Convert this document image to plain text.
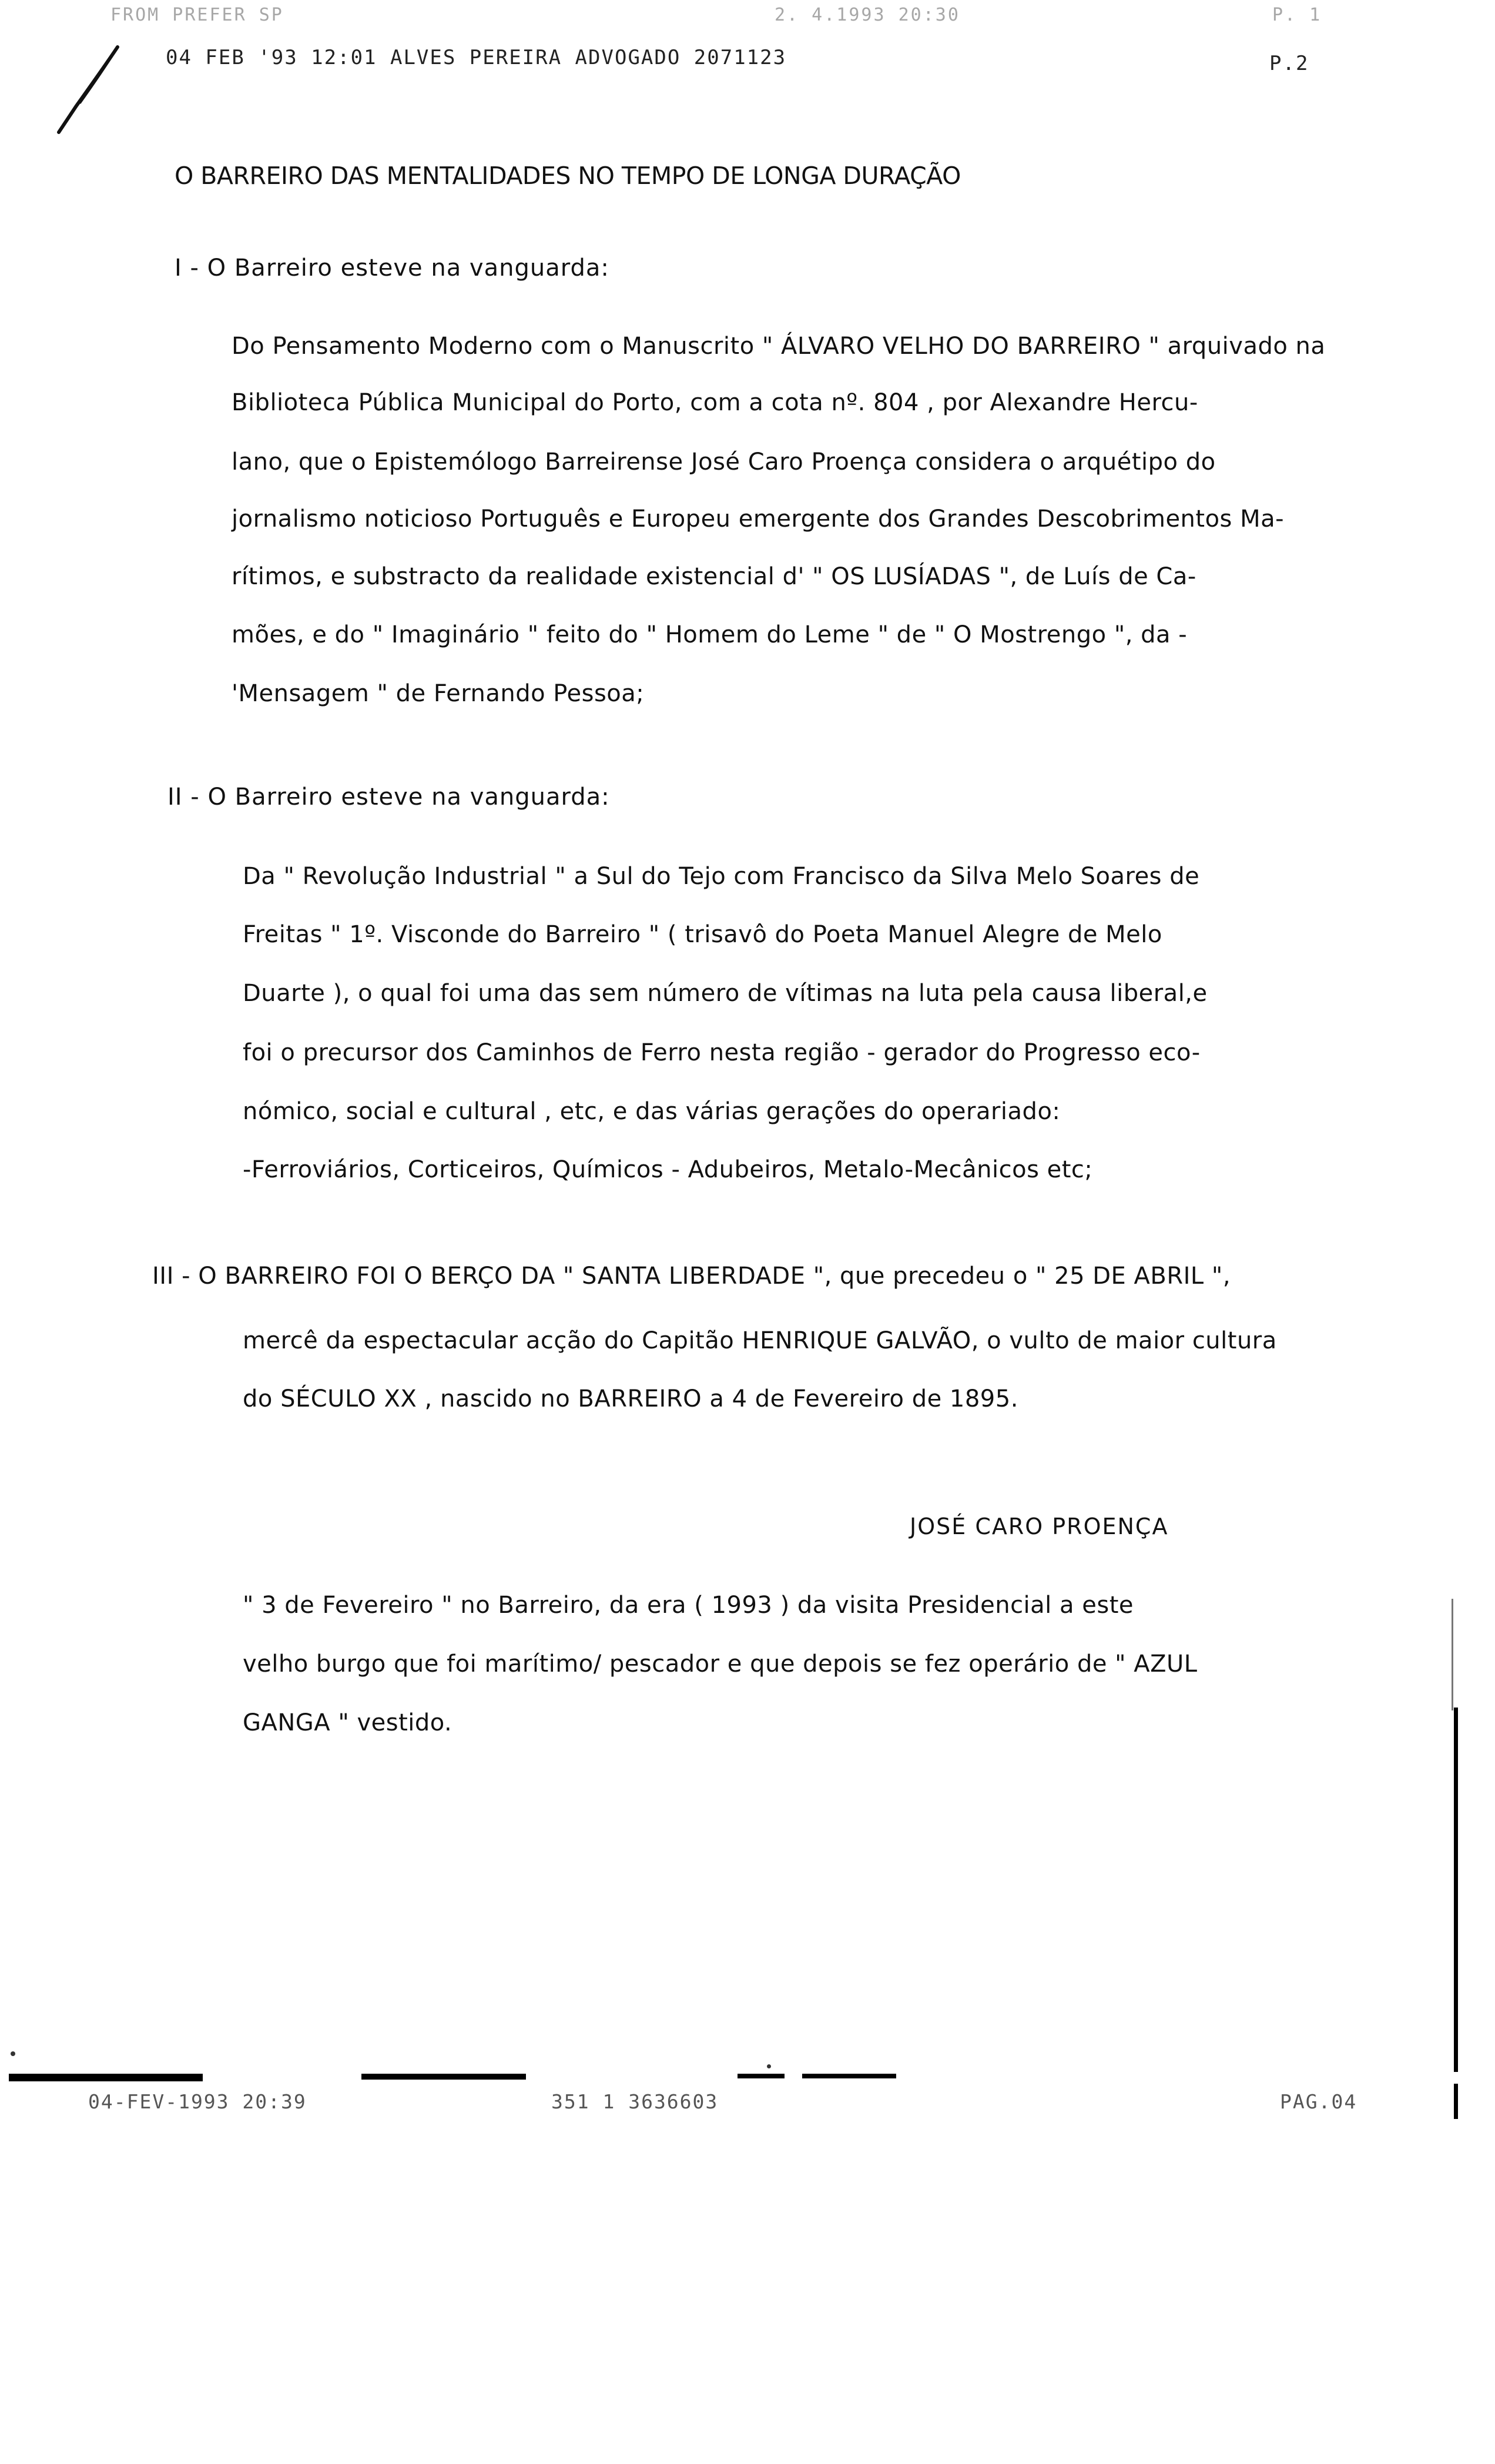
FROM PREFER SP	2. 4.1993 20:30	P. 1
04 FEB '93 12:01 ALVES PEREIRA ADVOGADO 2071123	P.2
O BARREIRO DAS MENTALIDADES NO TEMPO DE LONGA DURAÇÃO
I - O Barreiro esteve na vanguarda:
Do Pensamento Moderno com o Manuscrito " ÁLVARO VELHO DO BARREIRO " arquivado na
Biblioteca Pública Municipal do Porto, com a cota nº. 804 , por Alexandre Hercu-
lano, que o Epistemólogo Barreirense José Caro Proença considera o arquétipo do
jornalismo noticioso Português e Europeu emergente dos Grandes Descobrimentos Ma-
rítimos, e substracto da realidade existencial d' " OS LUSÍADAS ", de Luís de Ca-
mões, e do " Imaginário " feito do " Homem do Leme " de " O Mostrengo ", da -
'Mensagem " de Fernando Pessoa;
II - O Barreiro esteve na vanguarda:
Da " Revolução Industrial " a Sul do Tejo com Francisco da Silva Melo Soares de
Freitas " 1º. Visconde do Barreiro " ( trisavô do Poeta Manuel Alegre de Melo
Duarte ), o qual foi uma das sem número de vítimas na luta pela causa liberal,e
foi o precursor dos Caminhos de Ferro nesta região - gerador do Progresso eco-
nómico, social e cultural , etc, e das várias gerações do operariado:
-Ferroviários, Corticeiros, Químicos - Adubeiros, Metalo-Mecânicos etc;
III - O BARREIRO FOI O BERÇO DA " SANTA LIBERDADE ", que precedeu o " 25 DE ABRIL ",
mercê da espectacular acção do Capitão HENRIQUE GALVÃO, o vulto de maior cultura
do SÉCULO XX , nascido no BARREIRO a 4 de Fevereiro de 1895.
JOSÉ CARO PROENÇA
" 3 de Fevereiro " no Barreiro, da era ( 1993 ) da visita Presidencial a este
velho burgo que foi marítimo/ pescador e que depois se fez operário de " AZUL
GANGA " vestido.
04-FEV-1993 20:39	351 1 3636603	PAG.04
